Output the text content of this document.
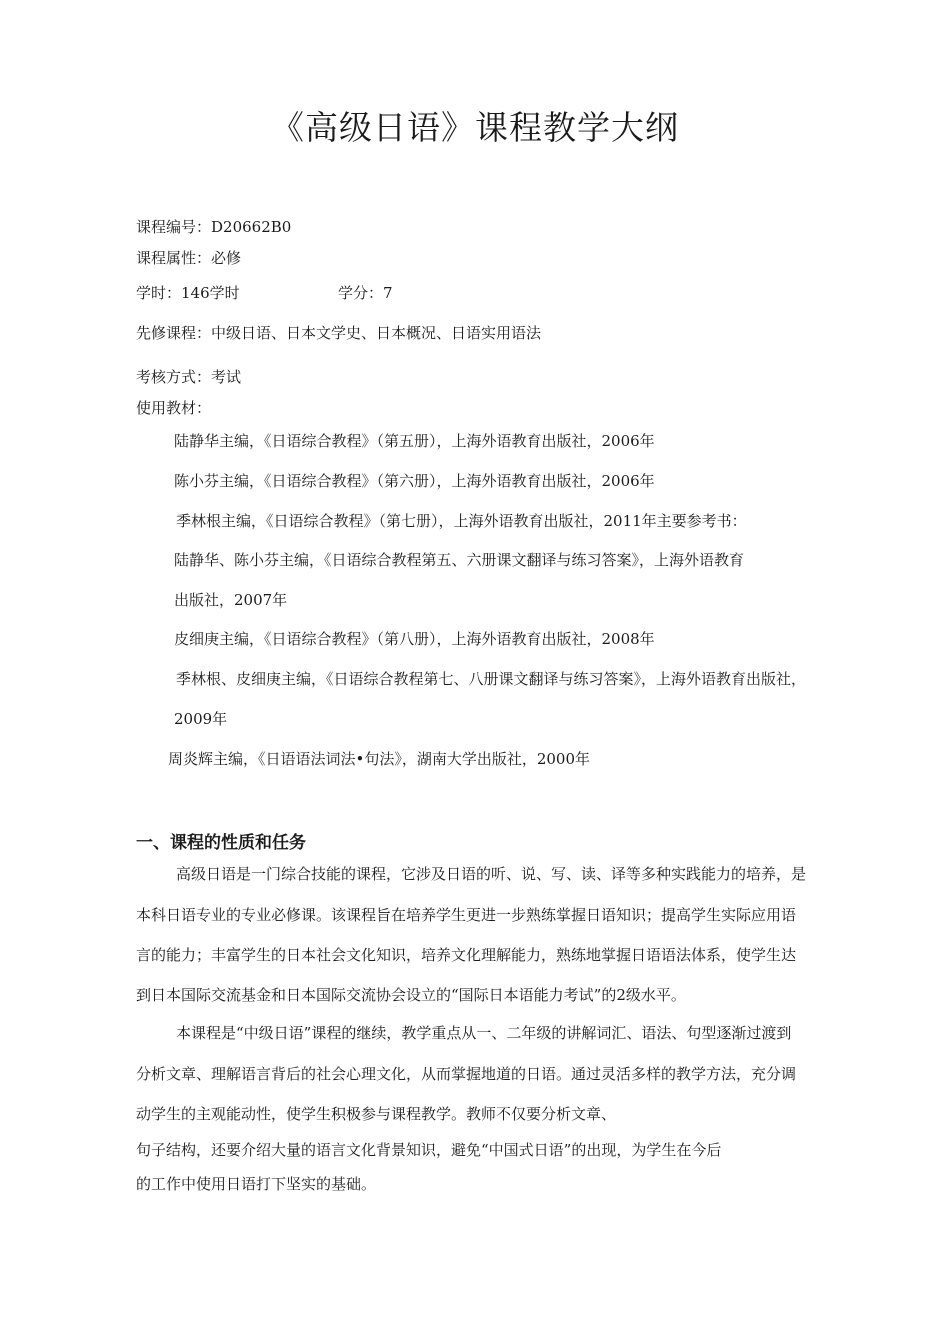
《高级日语》课程教学大纲
课程编号：D20662B0
课程属性：必修
学时：146学时	学分：7
先修课程：中级日语、日本文学史、日本概况、日语实用语法
考核方式：考试
使用教材：
陆静华主编，《日语综合教程》（第五册），上海外语教育出版社，2006年
陈小芬主编，《日语综合教程》（第六册），上海外语教育出版社，2006年
季林根主编，《日语综合教程》（第七册），上海外语教育出版社，2011年主要参考书：
陆静华、陈小芬主编，《日语综合教程第五、六册课文翻译与练习答案》，上海外语教育
出版社，2007年
皮细庚主编，《日语综合教程》（第八册），上海外语教育出版社，2008年
季林根、皮细庚主编，《日语综合教程第七、八册课文翻译与练习答案》，上海外语教育出版社，
2009年
周炎辉主编，《日语语法词法•句法》，湖南大学出版社，2000年
一、课程的性质和任务
高级日语是一门综合技能的课程，它涉及日语的听、说、写、读、译等多种实践能力的培养，是
本科日语专业的专业必修课。该课程旨在培养学生更进一步熟练掌握日语知识；提高学生实际应用语
言的能力；丰富学生的日本社会文化知识，培养文化理解能力，熟练地掌握日语语法体系，使学生达
到日本国际交流基金和日本国际交流协会设立的“国际日本语能力考试”的2级水平。
本课程是“中级日语”课程的继续，教学重点从一、二年级的讲解词汇、语法、句型逐渐过渡到
分析文章、理解语言背后的社会心理文化，从而掌握地道的日语。通过灵活多样的教学方法，充分调
动学生的主观能动性，使学生积极参与课程教学。教师不仅要分析文章、
句子结构，还要介绍大量的语言文化背景知识，避免“中国式日语”的出现，为学生在今后
的工作中使用日语打下坚实的基础。
